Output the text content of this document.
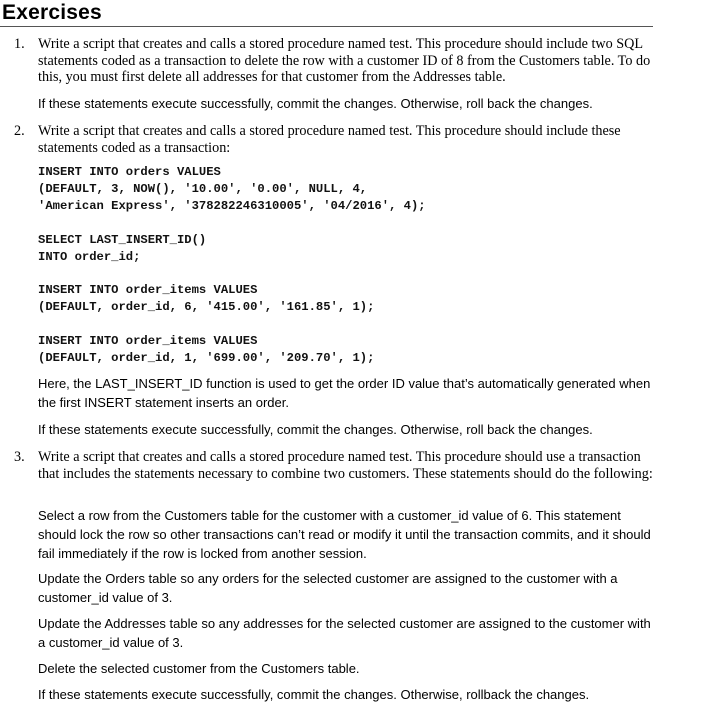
Exercises
1. Write a script that creates and calls a stored procedure named test. This procedure should include two SQL statements coded as a transaction to delete the row with a customer ID of 8 from the Customers table. To do this, you must first delete all addresses for that customer from the Addresses table.
If these statements execute successfully, commit the changes. Otherwise, roll back the changes.
2. Write a script that creates and calls a stored procedure named test. This procedure should include these statements coded as a transaction:
INSERT INTO orders VALUES
(DEFAULT, 3, NOW(), '10.00', '0.00', NULL, 4,
'American Express', '378282246310005', '04/2016', 4);
SELECT LAST_INSERT_ID()
INTO order_id;
INSERT INTO order_items VALUES
(DEFAULT, order_id, 6, '415.00', '161.85', 1);
INSERT INTO order_items VALUES
(DEFAULT, order_id, 1, '699.00', '209.70', 1);
Here, the LAST_INSERT_ID function is used to get the order ID value that’s automatically generated when the first INSERT statement inserts an order.
If these statements execute successfully, commit the changes. Otherwise, roll back the changes.
3. Write a script that creates and calls a stored procedure named test. This procedure should use a transaction that includes the statements necessary to combine two customers. These statements should do the following:
Select a row from the Customers table for the customer with a customer_id value of 6. This statement should lock the row so other transactions can’t read or modify it until the transaction commits, and it should fail immediately if the row is locked from another session.
Update the Orders table so any orders for the selected customer are assigned to the customer with a customer_id value of 3.
Update the Addresses table so any addresses for the selected customer are assigned to the customer with a customer_id value of 3.
Delete the selected customer from the Customers table.
If these statements execute successfully, commit the changes. Otherwise, rollback the changes.
